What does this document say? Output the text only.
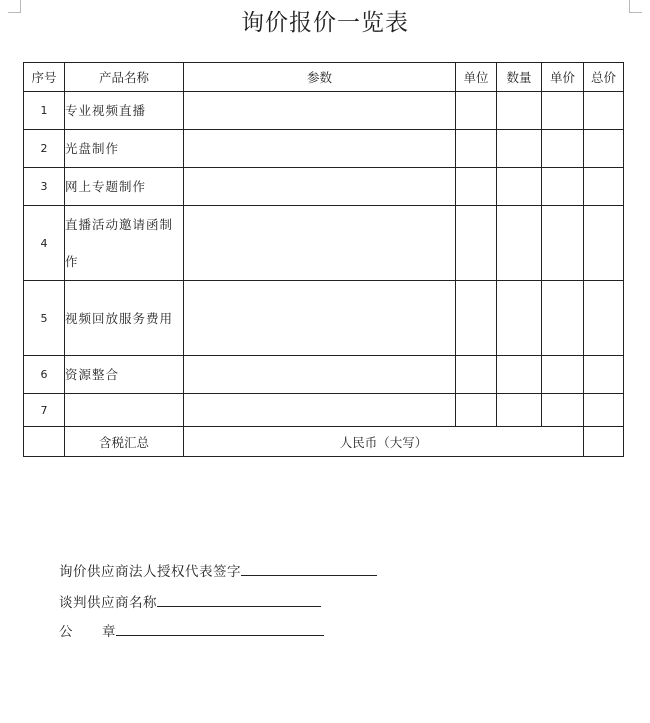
询价报价一览表
序号	产品名称	参数	单位	数量	单价	总价
1	专业视频直播					
2	光盘制作					
3	网上专题制作					
4	直播活动邀请函制作					
5	视频回放服务费用					
6	资源整合					
7						
	含税汇总	人民币（大写）				
询价供应商法人授权代表签字
谈判供应商名称
公 章
